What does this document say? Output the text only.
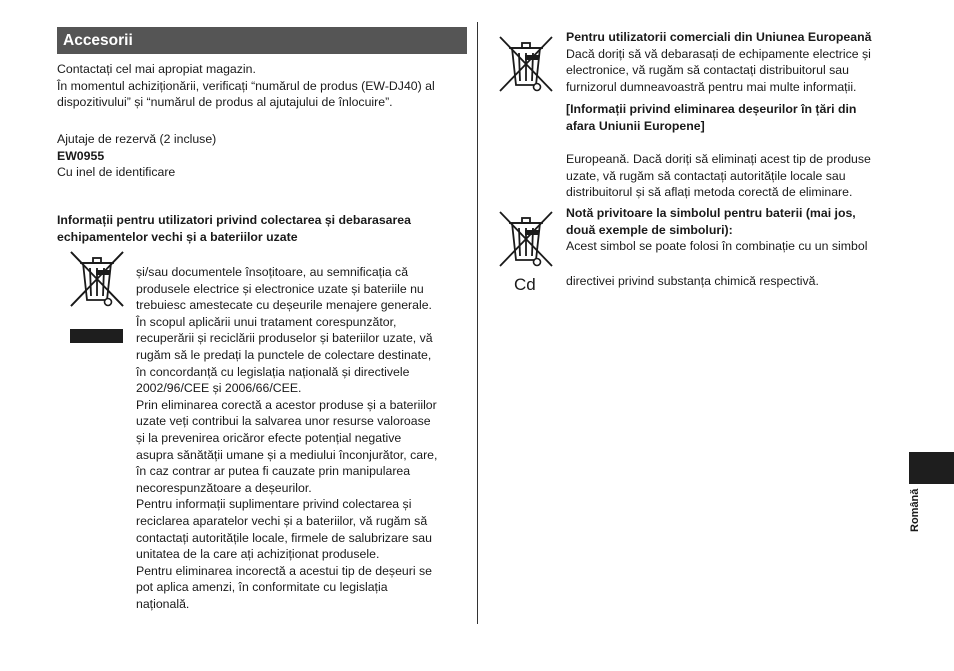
Accesorii

Contactați cel mai apropiat magazin.

În momentul achiziționării, verificați “numărul de produs (EW-DJ40) al

dispozitivului” și “numărul de produs al ajutajului de înlocuire”.

Ajutaje de rezervă (2 incluse)

EW0955

Cu inel de identificare

Informații pentru utilizatori privind colectarea și debarasarea

echipamentelor vechi și a bateriilor uzate

și/sau documentele însoțitoare, au semnificația că

produsele electrice și electronice uzate și bateriile nu

trebuiesc amestecate cu deșeurile menajere generale.

În scopul aplicării unui tratament corespunzător,

recuperării și reciclării produselor și bateriilor uzate, vă

rugăm să le predați la punctele de colectare destinate,

în concordanță cu legislația națională și directivele

2002/96/CEE și 2006/66/CEE.

Prin eliminarea corectă a acestor produse și a bateriilor

uzate veți contribui la salvarea unor resurse valoroase

și la prevenirea oricăror efecte potențial negative

asupra sănătății umane și a mediului înconjurător, care,

în caz contrar ar putea fi cauzate prin manipularea

necorespunzătoare a deșeurilor.

Pentru informații suplimentare privind colectarea și

reciclarea aparatelor vechi și a bateriilor, vă rugăm să

contactați autoritățile locale, firmele de salubrizare sau

unitatea de la care ați achiziționat produsele.

Pentru eliminarea incorectă a acestui tip de deșeuri se

pot aplica amenzi, în conformitate cu legislația

națională.

Pentru utilizatorii comerciali din Uniunea Europeană

Dacă doriți să vă debarasați de echipamente electrice și

electronice, vă rugăm să contactați distribuitorul sau

furnizorul dumneavoastră pentru mai multe informații.

[Informații privind eliminarea deșeurilor în țări din

afara Uniunii Europene]

Europeană. Dacă doriți să eliminați acest tip de produse

uzate, vă rugăm să contactați autoritățile locale sau

distribuitorul și să aflați metoda corectă de eliminare.

Cd

Notă privitoare la simbolul pentru baterii (mai jos,

două exemple de simboluri):

Acest simbol se poate folosi în combinație cu un simbol

directivei privind substanța chimică respectivă.
Română
